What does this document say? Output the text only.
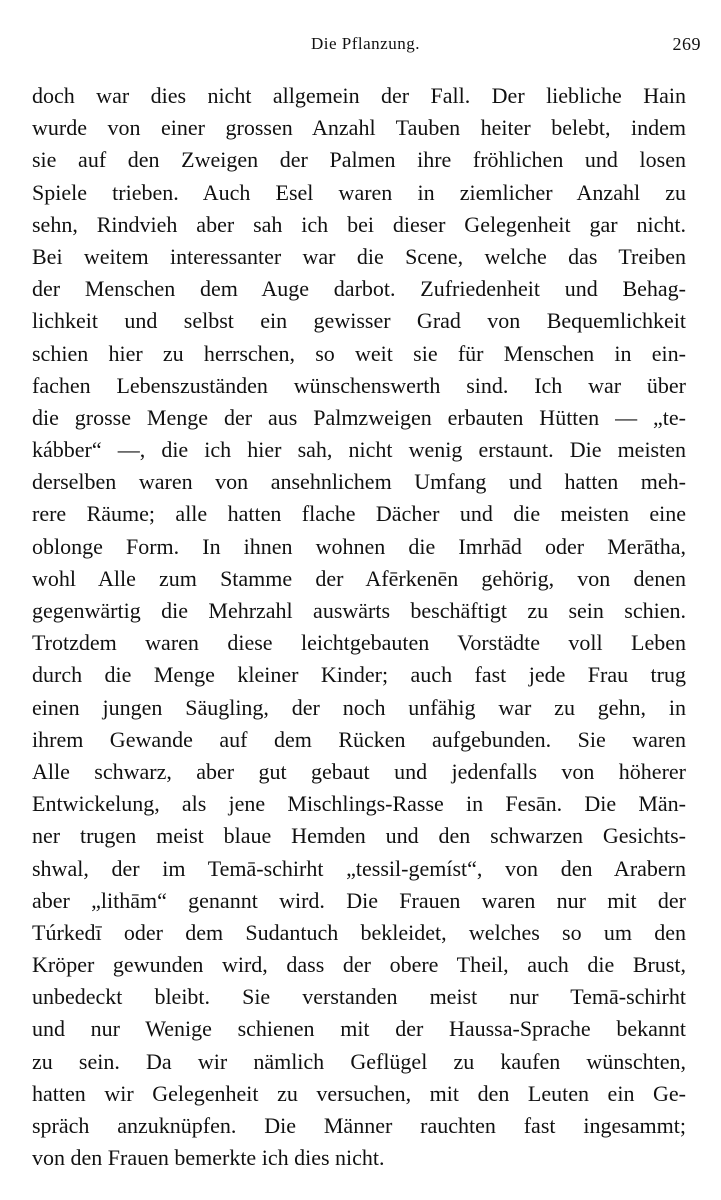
Die Pflanzung.	269
doch war dies nicht allgemein der Fall. Der liebliche Hain
wurde von einer grossen Anzahl Tauben heiter belebt, indem
sie auf den Zweigen der Palmen ihre fröhlichen und losen
Spiele trieben. Auch Esel waren in ziemlicher Anzahl zu
sehn, Rindvieh aber sah ich bei dieser Gelegenheit gar nicht.
Bei weitem interessanter war die Scene, welche das Treiben
der Menschen dem Auge darbot. Zufriedenheit und Behag-
lichkeit und selbst ein gewisser Grad von Bequemlichkeit
schien hier zu herrschen, so weit sie für Menschen in ein-
fachen Lebenszuständen wünschenswerth sind. Ich war über
die grosse Menge der aus Palmzweigen erbauten Hütten — „te-
kábber“ —, die ich hier sah, nicht wenig erstaunt. Die meisten
derselben waren von ansehnlichem Umfang und hatten meh-
rere Räume; alle hatten flache Dächer und die meisten eine
oblonge Form. In ihnen wohnen die Imrhād oder Merātha,
wohl Alle zum Stamme der Afērkenēn gehörig, von denen
gegenwärtig die Mehrzahl auswärts beschäftigt zu sein schien.
Trotzdem waren diese leichtgebauten Vorstädte voll Leben
durch die Menge kleiner Kinder; auch fast jede Frau trug
einen jungen Säugling, der noch unfähig war zu gehn, in
ihrem Gewande auf dem Rücken aufgebunden. Sie waren
Alle schwarz, aber gut gebaut und jedenfalls von höherer
Entwickelung, als jene Mischlings-Rasse in Fesān. Die Män-
ner trugen meist blaue Hemden und den schwarzen Gesichts-
shwal, der im Temā-schirht „tessil-gemíst“, von den Arabern
aber „lithām“ genannt wird. Die Frauen waren nur mit der
Túrkedī oder dem Sudantuch bekleidet, welches so um den
Kröper gewunden wird, dass der obere Theil, auch die Brust,
unbedeckt bleibt. Sie verstanden meist nur Temā-schirht
und nur Wenige schienen mit der Haussa-Sprache bekannt
zu sein. Da wir nämlich Geflügel zu kaufen wünschten,
hatten wir Gelegenheit zu versuchen, mit den Leuten ein Ge-
spräch anzuknüpfen. Die Männer rauchten fast ingesammt;
von den Frauen bemerkte ich dies nicht.
